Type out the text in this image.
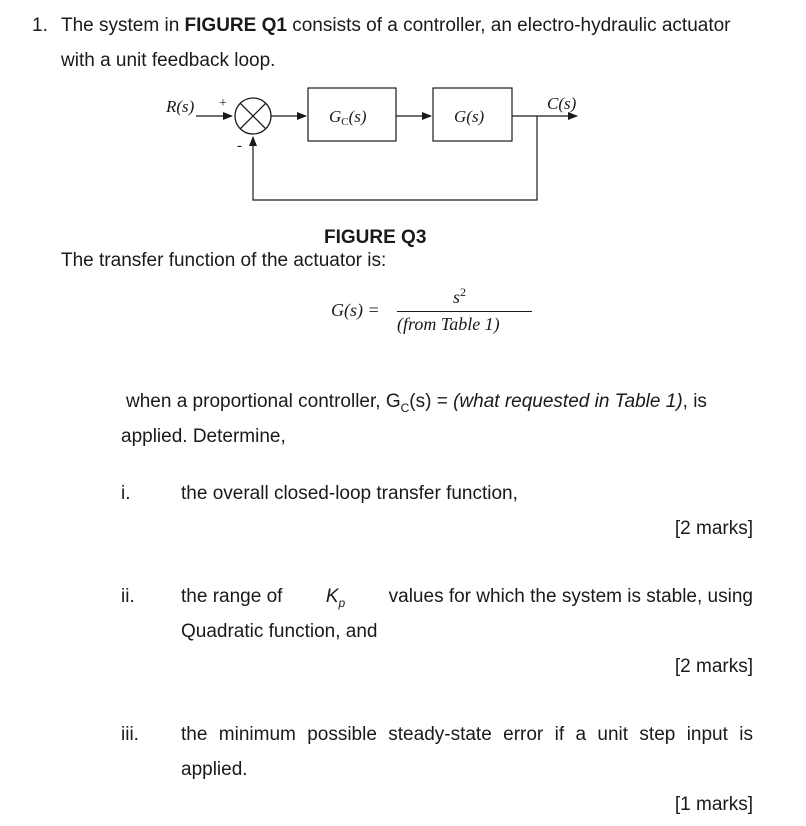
1. The system in FIGURE Q1 consists of a controller, an electro-hydraulic actuator
with a unit feedback loop.
R(s) +
-
GC(s)	G(s)
C(s)
FIGURE Q3
The transfer function of the actuator is:
G(s) =
$s^2$
(from Table 1)
when a proportional controller, $G_C(s)$ = (what requested in Table 1), is
applied. Determine,
i.	the overall closed-loop transfer function,
[2 marks]
ii. the range of $K_p$ values for which the system is stable, using
Quadratic function, and
[2 marks]
iii. the minimum possible steady-state error if a unit step input is
applied.
[1 marks]
